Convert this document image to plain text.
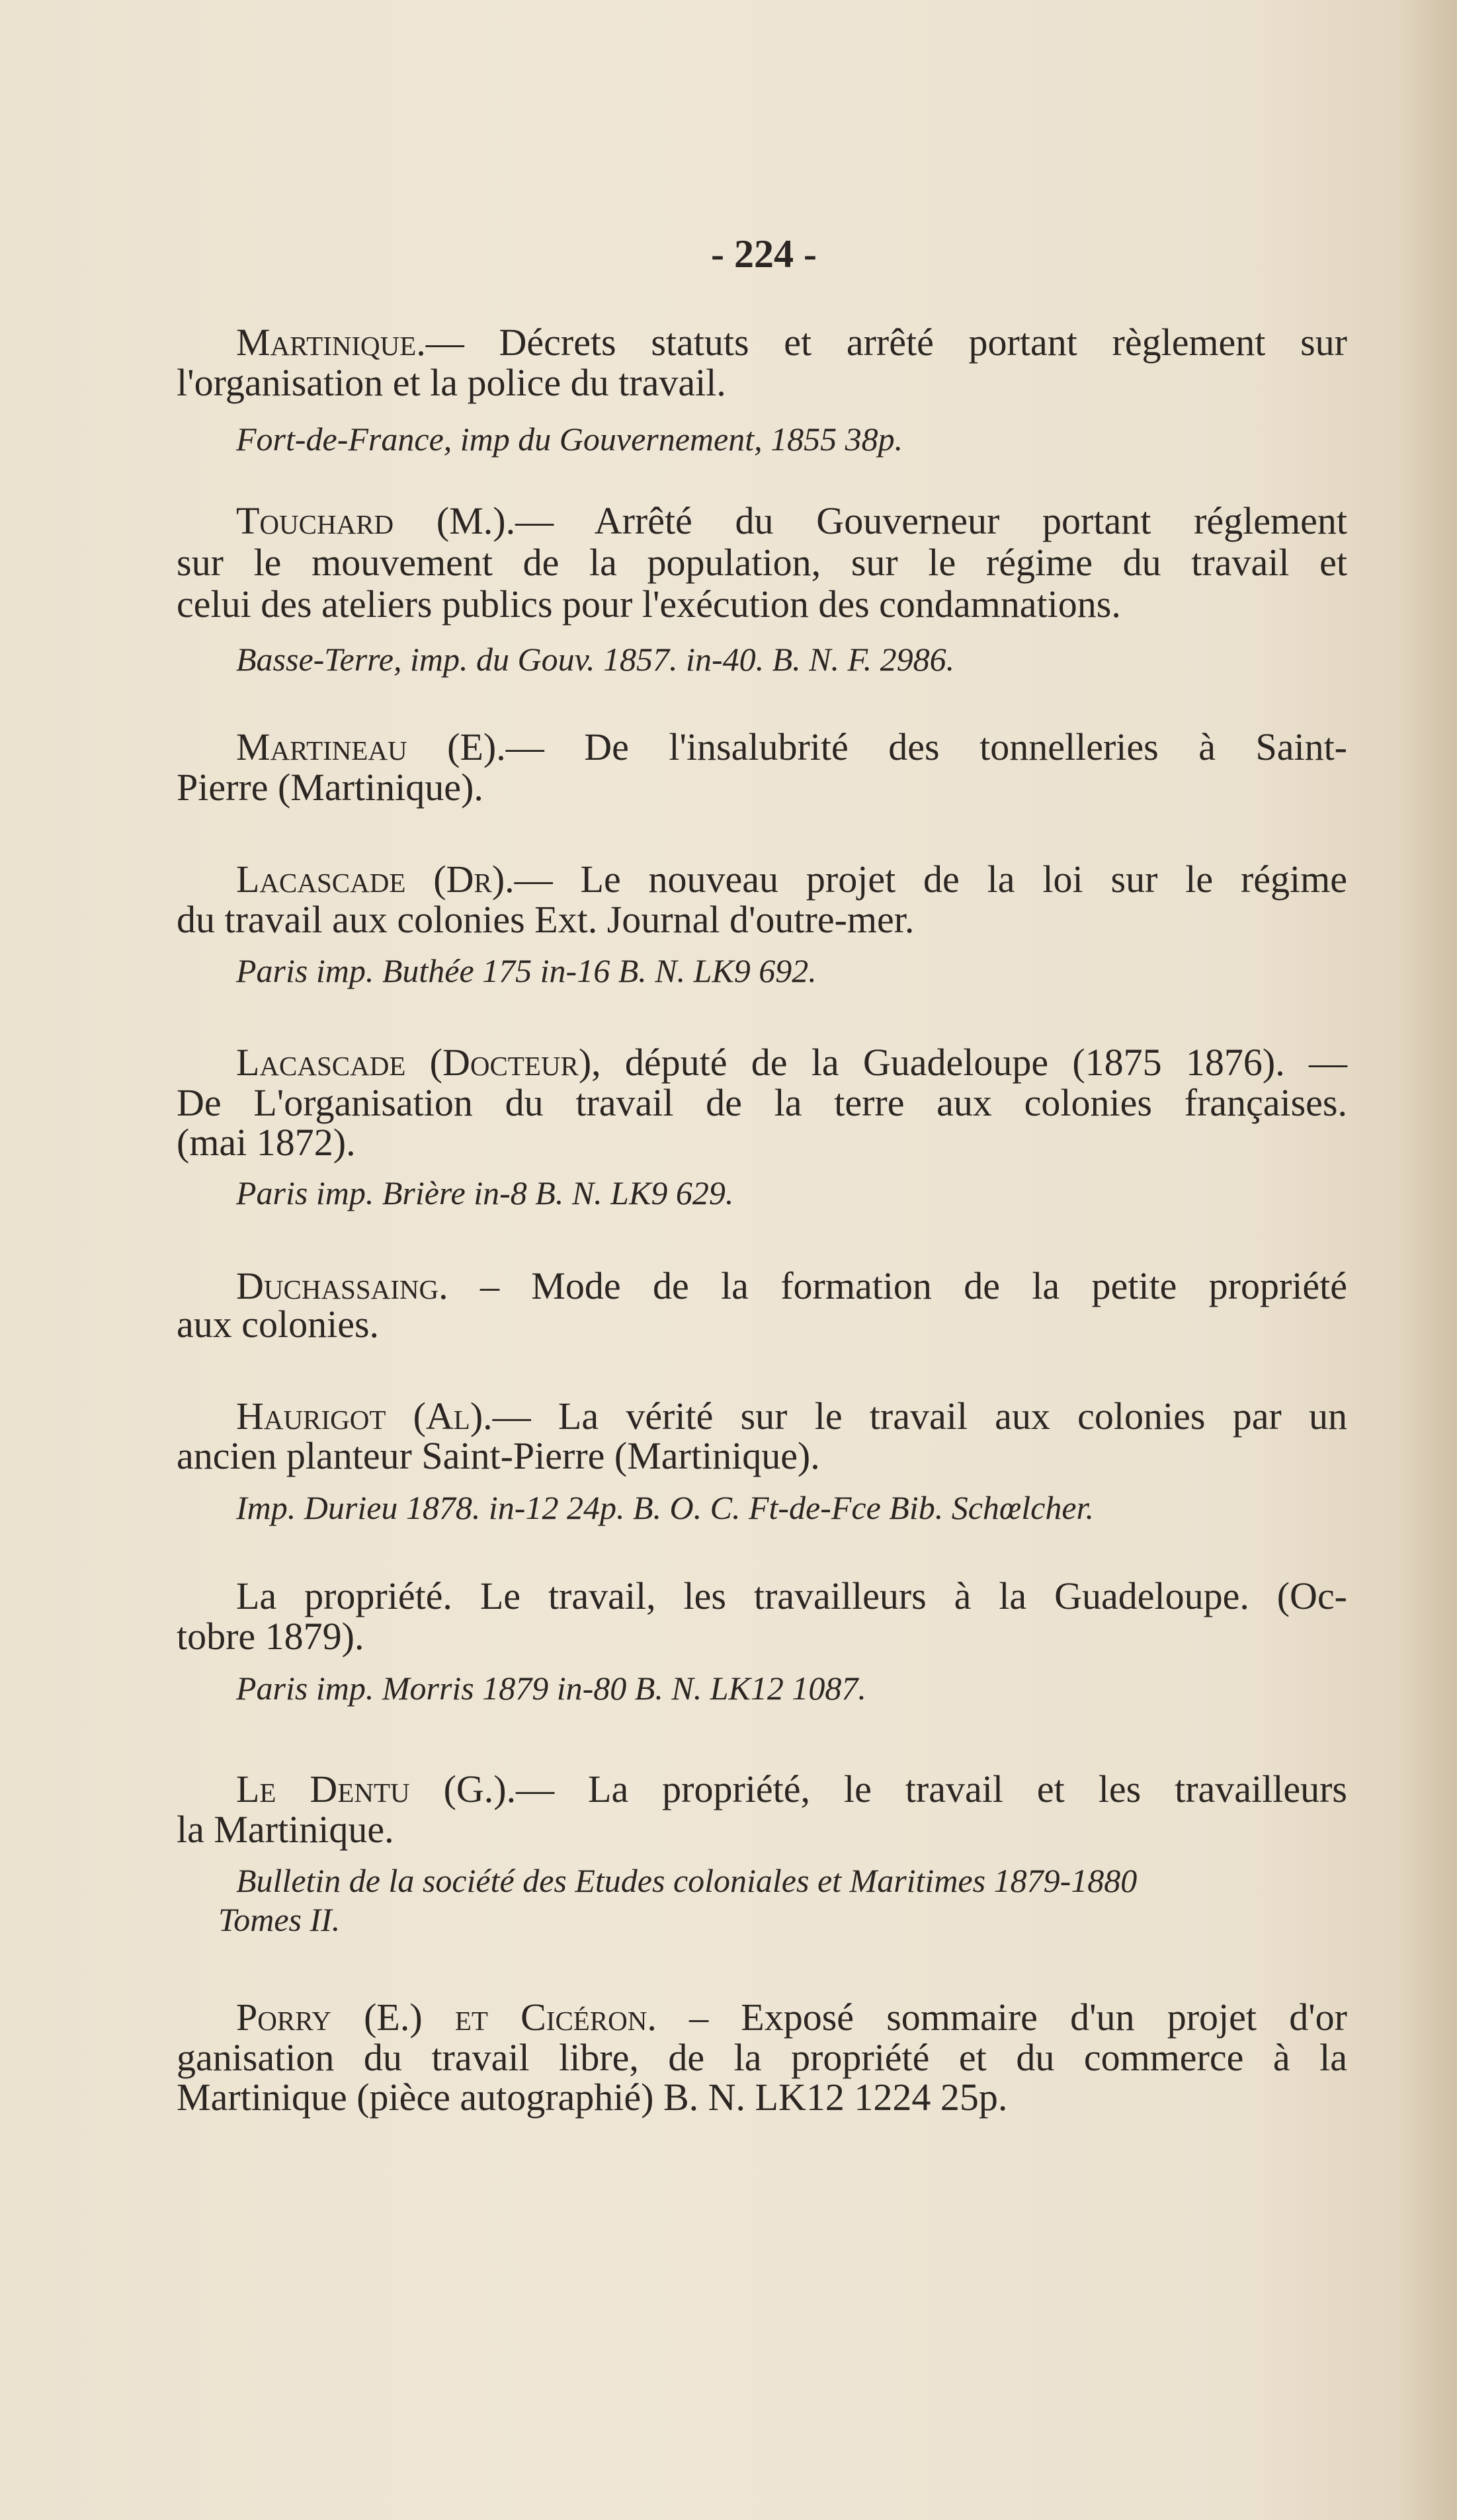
- 224 -
Martinique.— Décrets statuts et arrêté portant règlement sur
l'organisation et la police du travail.
Fort-de-France, imp du Gouvernement, 1855 38p.
Touchard (M.).— Arrêté du Gouverneur portant réglement
sur le mouvement de la population, sur le régime du travail et
celui des ateliers publics pour l'exécution des condamnations.
Basse-Terre, imp. du Gouv. 1857. in-40. B. N. F. 2986.
Martineau (E).— De l'insalubrité des tonnelleries à Saint-
Pierre (Martinique).
Lacascade (Dr).— Le nouveau projet de la loi sur le régime
du travail aux colonies Ext. Journal d'outre-mer.
Paris imp. Buthée 175 in-16 B. N. LK9 692.
Lacascade (Docteur), député de la Guadeloupe (1875 1876). —
De L'organisation du travail de la terre aux colonies françaises.
(mai 1872).
Paris imp. Brière in-8 B. N. LK9 629.
Duchassaing. – Mode de la formation de la petite propriété
aux colonies.
Haurigot (Al).— La vérité sur le travail aux colonies par un
ancien planteur Saint-Pierre (Martinique).
Imp. Durieu 1878. in-12 24p. B. O. C. Ft-de-Fce Bib. Schœlcher.
La propriété. Le travail, les travailleurs à la Guadeloupe. (Oc-
tobre 1879).
Paris imp. Morris 1879 in-80 B. N. LK12 1087.
Le Dentu (G.).— La propriété, le travail et les travailleurs
la Martinique.
Bulletin de la société des Etudes coloniales et Maritimes 1879-1880
Tomes II.
Porry (E.) et Cicéron. – Exposé sommaire d'un projet d'or
ganisation du travail libre, de la propriété et du commerce à la
Martinique (pièce autographié) B. N. LK12 1224 25p.
